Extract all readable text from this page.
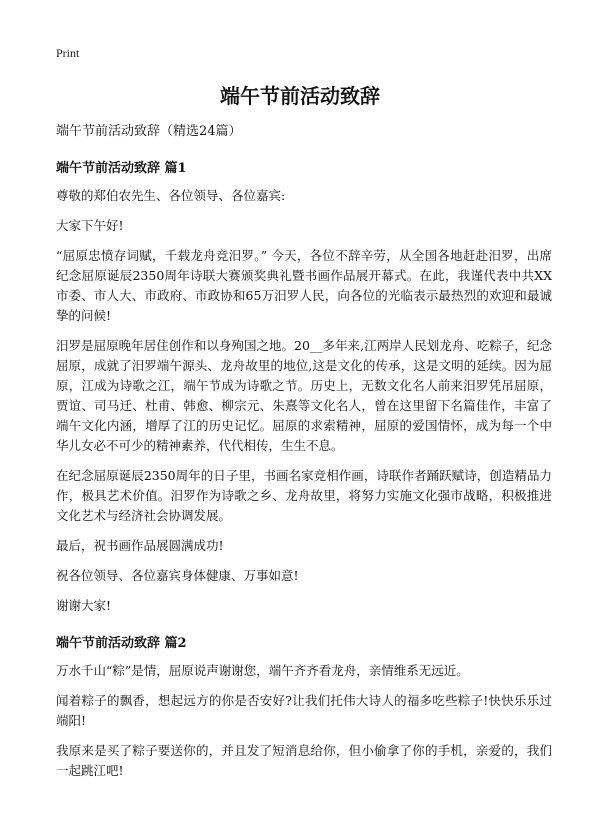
Print
端午节前活动致辞
端午节前活动致辞（精选24篇）
端午节前活动致辞 篇1

尊敬的郑伯农先生、各位领导、各位嘉宾:

大家下午好!

“屈原忠愤存词赋，千载龙舟竞汨罗。” 今天，各位不辞辛劳，从全国各地赶赴汨罗，出席纪念屈原诞辰2350周年诗联大赛颁奖典礼暨书画作品展开幕式。在此，我谨代表中共XX市委、市人大、市政府、市政协和65万汨罗人民，向各位的光临表示最热烈的欢迎和最诚挚的问候!

汨罗是屈原晚年居住创作和以身殉国之地。20__多年来,江两岸人民划龙舟、吃粽子，纪念屈原，成就了汨罗端午源头、龙舟故里的地位,这是文化的传承，这是文明的延续。因为屈原，江成为诗歌之江，端午节成为诗歌之节。历史上，无数文化名人前来汨罗凭吊屈原，贾谊、司马迁、杜甫、韩愈、柳宗元、朱熹等文化名人，曾在这里留下名篇佳作，丰富了端午文化内涵，增厚了江的历史记忆。屈原的求索精神，屈原的爱国情怀，成为每一个中华儿女必不可少的精神素养，代代相传，生生不息。

在纪念屈原诞辰2350周年的日子里，书画名家竞相作画，诗联作者踊跃赋诗，创造精品力作，极具艺术价值。汨罗作为诗歌之乡、龙舟故里，将努力实施文化强市战略，积极推进文化艺术与经济社会协调发展。

最后，祝书画作品展圆满成功!

祝各位领导、各位嘉宾身体健康、万事如意!

谢谢大家!

端午节前活动致辞 篇2

万水千山“粽”是情，屈原说声谢谢您，端午齐齐看龙舟，亲情维系无远近。

闻着粽子的飘香，想起远方的你是否安好?让我们托伟大诗人的福多吃些粽子!快快乐乐过端阳!

我原来是买了粽子要送你的，并且发了短消息给你，但小偷拿了你的手机，亲爱的，我们一起跳江吧!
